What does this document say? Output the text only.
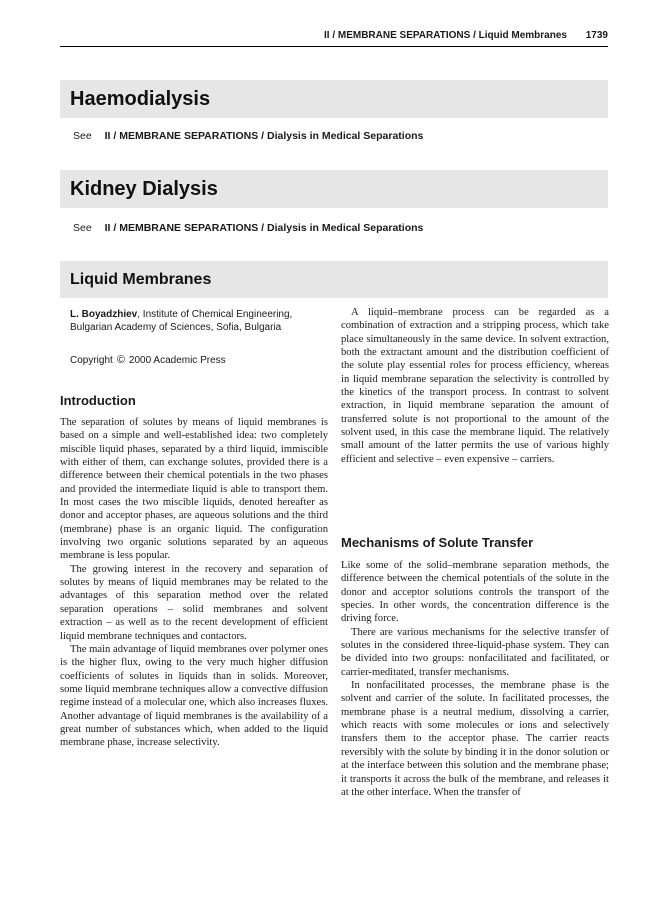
II / MEMBRANE SEPARATIONS / Liquid Membranes 1739
Haemodialysis
See II / MEMBRANE SEPARATIONS / Dialysis in Medical Separations
Kidney Dialysis
See II / MEMBRANE SEPARATIONS / Dialysis in Medical Separations
Liquid Membranes
L. Boyadzhiev, Institute of Chemical Engineering, Bulgarian Academy of Sciences, Sofia, Bulgaria
Copyright © 2000 Academic Press
Introduction

The separation of solutes by means of liquid membranes is based on a simple and well-established idea: two completely miscible liquid phases, separated by a third liquid, immiscible with either of them, can exchange solutes, provided there is a difference between their chemical potentials in the two phases and provided the intermediate liquid is able to transport them. In most cases the two miscible liquids, denoted hereafter as donor and acceptor phases, are aqueous solutions and the third (membrane) phase is an organic liquid. The configuration involving two organic solutions separated by an aqueous membrane is less popular.

The growing interest in the recovery and separation of solutes by means of liquid membranes may be related to the advantages of this separation method over the related separation operations – solid membranes and solvent extraction – as well as to the recent development of efficient liquid membrane techniques and contactors.

The main advantage of liquid membranes over polymer ones is the higher flux, owing to the very much higher diffusion coefficients of solutes in liquids than in solids. Moreover, some liquid membrane techniques allow a convective diffusion regime instead of a molecular one, which also increases fluxes. Another advantage of liquid membranes is the availability of a great number of substances which, when added to the liquid membrane phase, increase selectivity.

A liquid–membrane process can be regarded as a combination of extraction and a stripping process, which take place simultaneously in the same device. In solvent extraction, both the extractant amount and the distribution coefficient of the solute play essential roles for process efficiency, whereas in liquid membrane separation the selectivity is controlled by the kinetics of the transport process. In contrast to solvent extraction, in liquid membrane separation the amount of transferred solute is not proportional to the amount of the solvent used, in this case the membrane liquid. The relatively small amount of the latter permits the use of various highly efficient and selective – even expensive – carriers.

Mechanisms of Solute Transfer

Like some of the solid–membrane separation methods, the difference between the chemical potentials of the solute in the donor and acceptor solutions controls the transport of the species. In other words, the concentration difference is the driving force.

There are various mechanisms for the selective transfer of solutes in the considered three-liquid-phase system. They can be divided into two groups: nonfacilitated and facilitated, or carrier-meditated, transfer mechanisms.

In nonfacilitated processes, the membrane phase is the solvent and carrier of the solute. In facilitated processes, the membrane phase is a neutral medium, dissolving a carrier, which reacts with some molecules or ions and selectively transfers them to the acceptor phase. The carrier reacts reversibly with the solute by binding it in the donor solution or at the interface between this solution and the membrane phase; it transports it across the bulk of the membrane, and releases it at the other interface. When the transfer of
